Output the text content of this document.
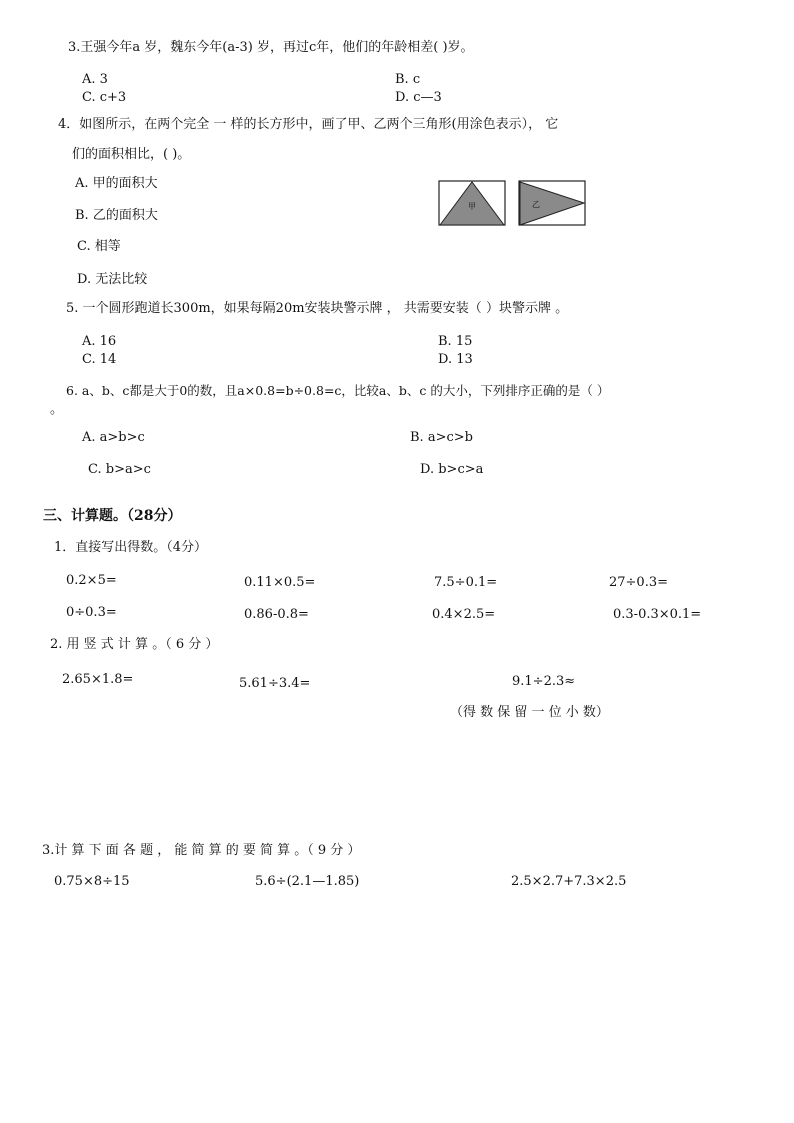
3.王强今年a 岁，魏东今年(a-3) 岁，再过c年，他们的年龄相差( )岁。
A. 3	B. c
C. c+3	D. c—3
4．如图所示，在两个完全 一 样的长方形中，画了甲、乙两个三角形(用涂色表示）， 它
们的面积相比，( )。
A. 甲的面积大
B. 乙的面积大
C. 相等
D. 无法比较
甲	乙
5. 一个圆形跑道长300m，如果每隔20m安装块警示牌 ， 共需要安装（ ）块警示牌 。
A. 16	B. 15
C. 14	D. 13
6. a、b、c都是大于0的数，且a×0.8=b÷0.8=c，比较a、b、c 的大小，下列排序正确的是（ ）
。
A. a>b>c	B. a>c>b
C. b>a>c	D. b>c>a
三、计算题。（28分）
1．直接写出得数。（4分）
0.2×5=	0.11×0.5=	7.5÷0.1=	27÷0.3=
0÷0.3=	0.86-0.8=	0.4×2.5=	0.3-0.3×0.1=
2. 用 竖 式 计 算 。（ 6 分 ）
2.65×1.8=	5.61÷3.4=	9.1÷2.3≈
（得 数 保 留 一 位 小 数）
3.计 算 下 面 各 题 ， 能 简 算 的 要 简 算 。（ 9 分 ）
0.75×8÷15	5.6÷(2.1—1.85)	2.5×2.7+7.3×2.5
